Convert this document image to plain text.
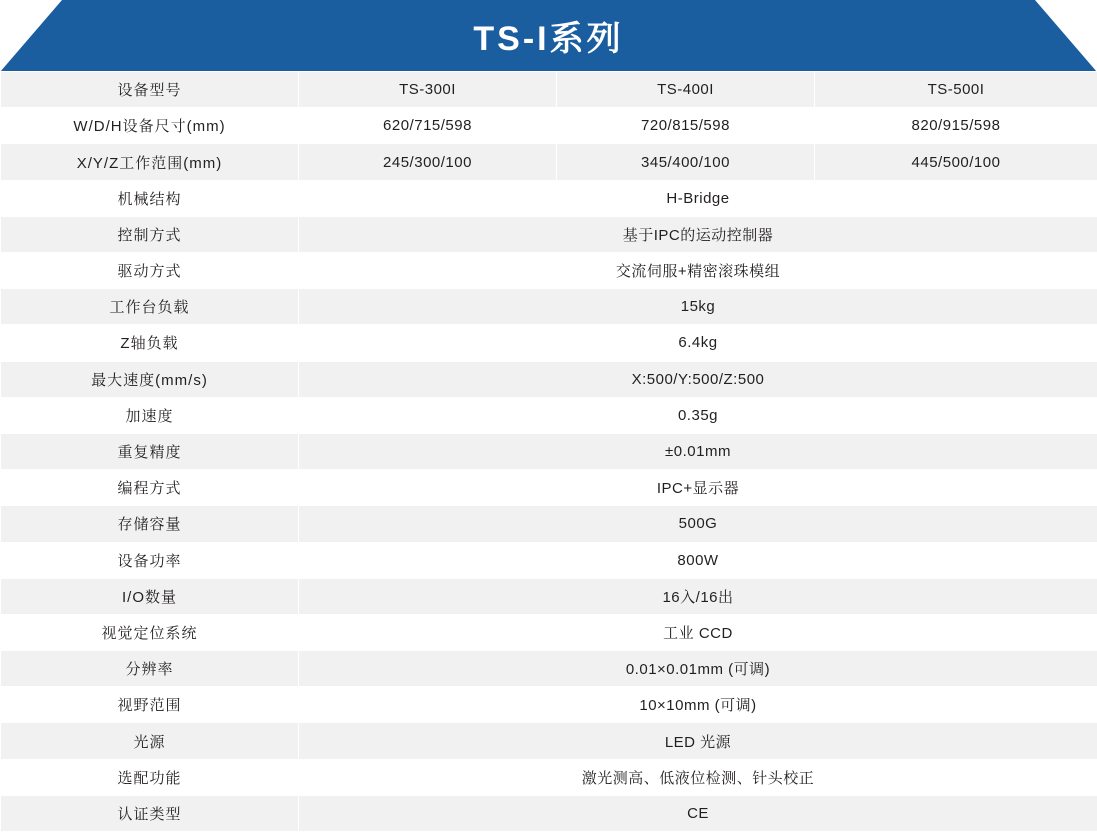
TS-I系列
设备型号	TS-300I	TS-400I	TS-500I
W/D/H设备尺寸(mm)	620/715/598	720/815/598	820/915/598
X/Y/Z工作范围(mm)	245/300/100	345/400/100	445/500/100
机械结构	H-Bridge		
控制方式	基于IPC的运动控制器		
驱动方式	交流伺服+精密滚珠模组		
工作台负载	15kg		
Z轴负载	6.4kg		
最大速度(mm/s)	X:500/Y:500/Z:500		
加速度	0.35g		
重复精度	±0.01mm		
编程方式	IPC+显示器		
存储容量	500G		
设备功率	800W		
I/O数量	16入/16出		
视觉定位系统	工业 CCD		
分辨率	0.01×0.01mm (可调)		
视野范围	10×10mm (可调)		
光源	LED 光源		
选配功能	激光测高、低液位检测、针头校正		
认证类型	CE		
